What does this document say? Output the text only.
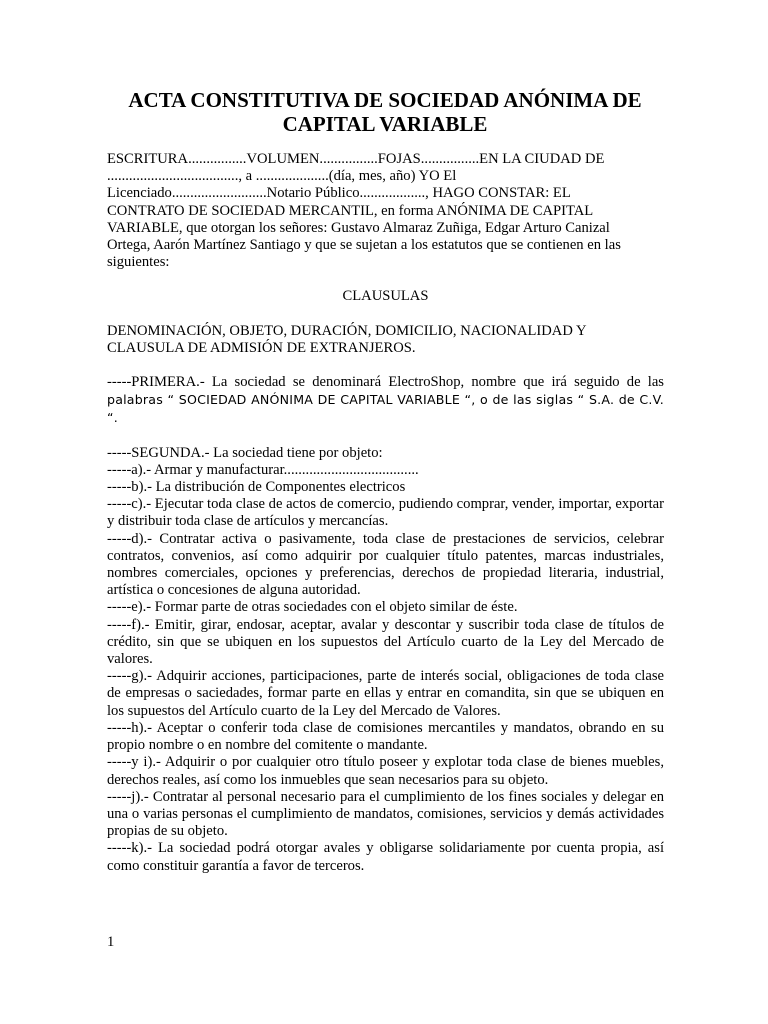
ACTA CONSTITUTIVA DE SOCIEDAD ANÓNIMA DE
CAPITAL VARIABLE
ESCRITURA................VOLUMEN................FOJAS................EN LA CIUDAD DE
...................................., a ....................(día, mes, año) YO El
Licenciado..........................Notario Público.................., HAGO CONSTAR: EL
CONTRATO DE SOCIEDAD MERCANTIL, en forma ANÓNIMA DE CAPITAL
VARIABLE, que otorgan los señores: Gustavo Almaraz Zuñiga, Edgar Arturo Canizal
Ortega, Aarón Martínez Santiago y que se sujetan a los estatutos que se contienen en las
siguientes:

CLAUSULAS

DENOMINACIÓN, OBJETO, DURACIÓN, DOMICILIO, NACIONALIDAD Y CLAUSULA DE ADMISIÓN DE EXTRANJEROS.

-----PRIMERA.- La sociedad se denominará ElectroShop, nombre que irá seguido de las palabras “ SOCIEDAD ANÓNIMA DE CAPITAL VARIABLE “, o de las siglas “ S.A. de C.V. “.

-----SEGUNDA.- La sociedad tiene por objeto:

-----a).- Armar y manufacturar.....................................

-----b).- La distribución de Componentes electricos

-----c).- Ejecutar toda clase de actos de comercio, pudiendo comprar, vender, importar, exportar y distribuir toda clase de artículos y mercancías.

-----d).- Contratar activa o pasivamente, toda clase de prestaciones de servicios, celebrar contratos, convenios, así como adquirir por cualquier título patentes, marcas industriales, nombres comerciales, opciones y preferencias, derechos de propiedad literaria, industrial, artística o concesiones de alguna autoridad.

-----e).- Formar parte de otras sociedades con el objeto similar de éste.

-----f).- Emitir, girar, endosar, aceptar, avalar y descontar y suscribir toda clase de títulos de crédito, sin que se ubiquen en los supuestos del Artículo cuarto de la Ley del Mercado de valores.

-----g).- Adquirir acciones, participaciones, parte de interés social, obligaciones de toda clase de empresas o saciedades, formar parte en ellas y entrar en comandita, sin que se ubiquen en los supuestos del Artículo cuarto de la Ley del Mercado de Valores.

-----h).- Aceptar o conferir toda clase de comisiones mercantiles y mandatos, obrando en su propio nombre o en nombre del comitente o mandante.

-----y i).- Adquirir o por cualquier otro título poseer y explotar toda clase de bienes muebles, derechos reales, así como los inmuebles que sean necesarios para su objeto.

-----j).- Contratar al personal necesario para el cumplimiento de los fines sociales y delegar en una o varias personas el cumplimiento de mandatos, comisiones, servicios y demás actividades propias de su objeto.

-----k).- La sociedad podrá otorgar avales y obligarse solidariamente por cuenta propia, así como constituir garantía a favor de terceros.

1
